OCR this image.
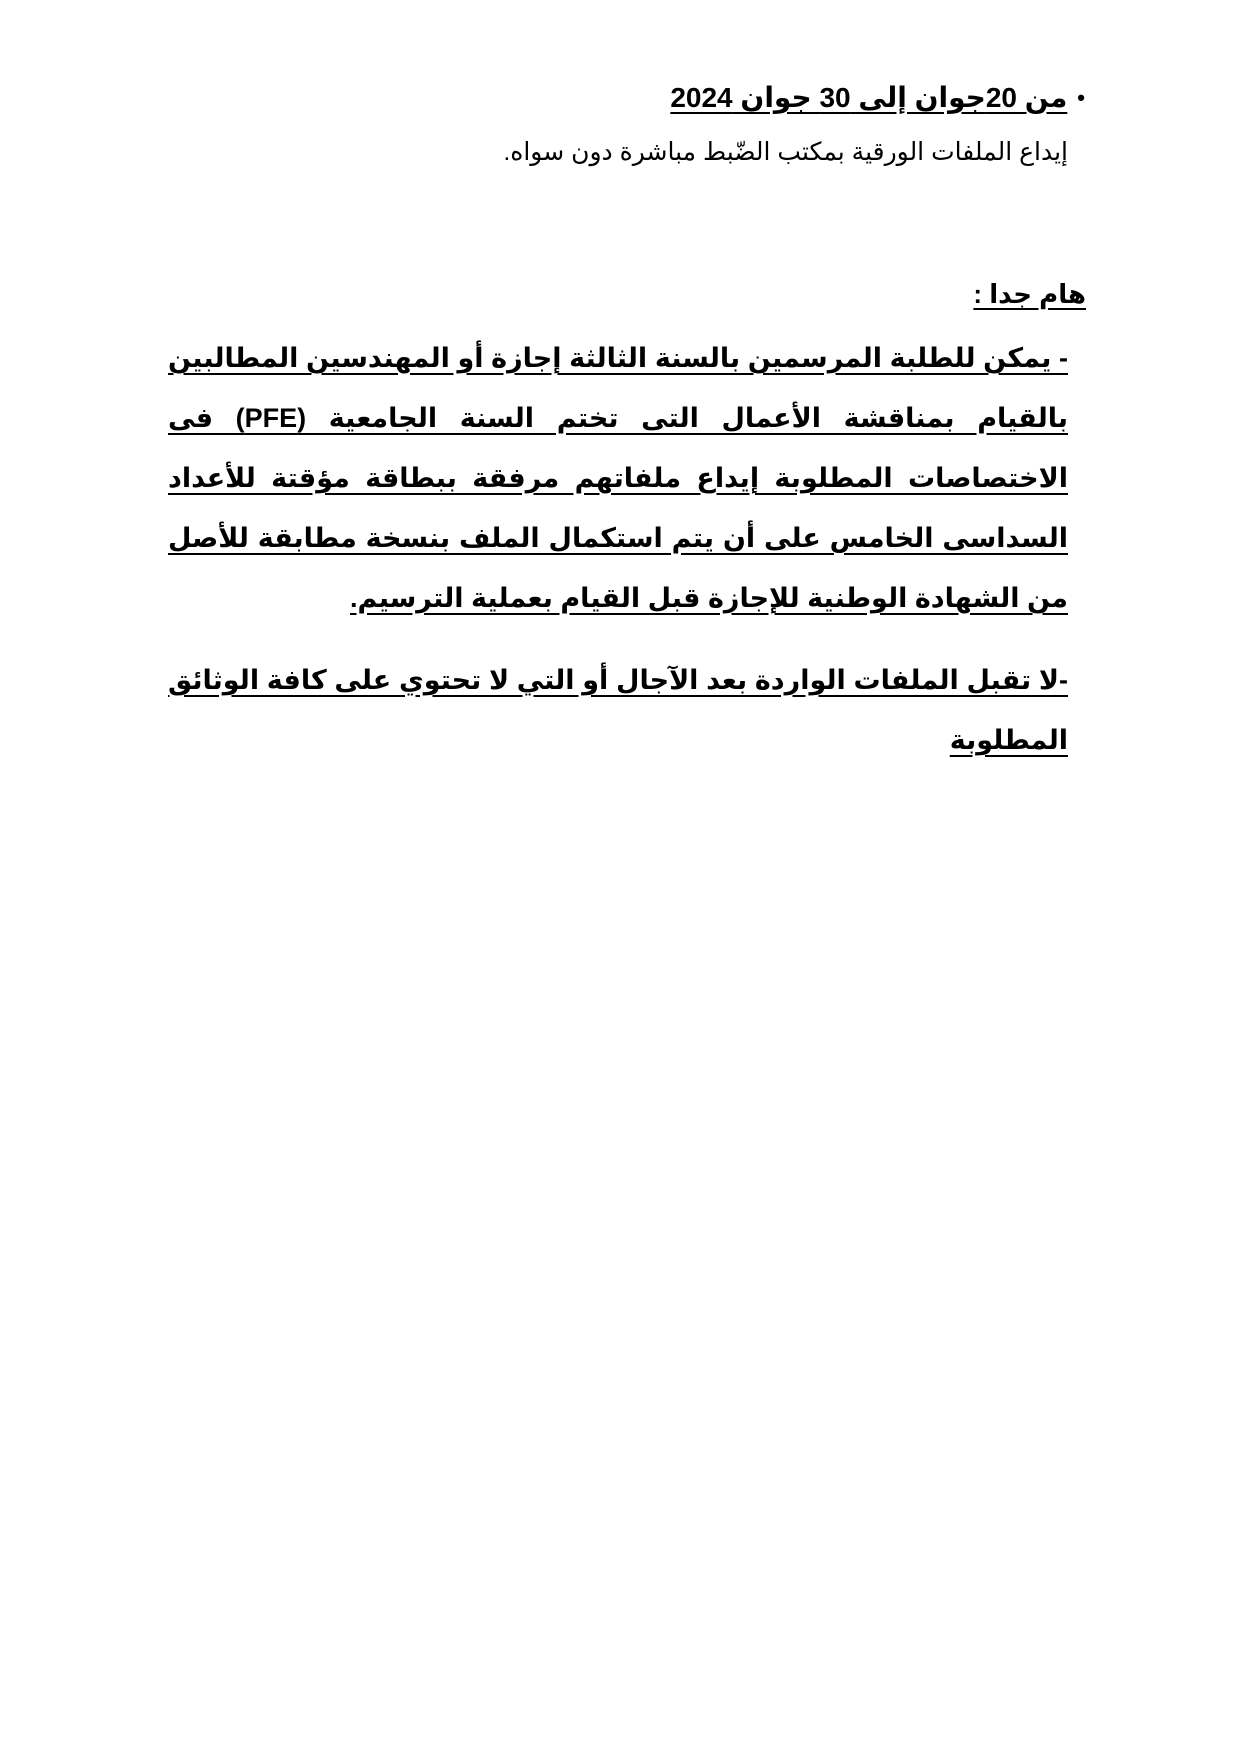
•من 20جوان إلى 30 جوان 2024
إيداع الملفات الورقية بمكتب الضّبط مباشرة دون سواه.
هام جدا :
- يمكن للطلبة المرسمين بالسنة الثالثة إجازة أو المهندسين المطالبين بالقيام بمناقشة الأعمال التى تختم السنة الجامعية (PFE) فى الاختصاصات المطلوبة إيداع ملفاتهم مرفقة ببطاقة مؤقتة للأعداد السداسى الخامس على أن يتم استكمال الملف بنسخة مطابقة للأصل من الشهادة الوطنية للإجازة قبل القيام بعملية الترسيم.
-لا تقبل الملفات الواردة بعد الآجال أو التي لا تحتوي على كافة الوثائق المطلوبة
